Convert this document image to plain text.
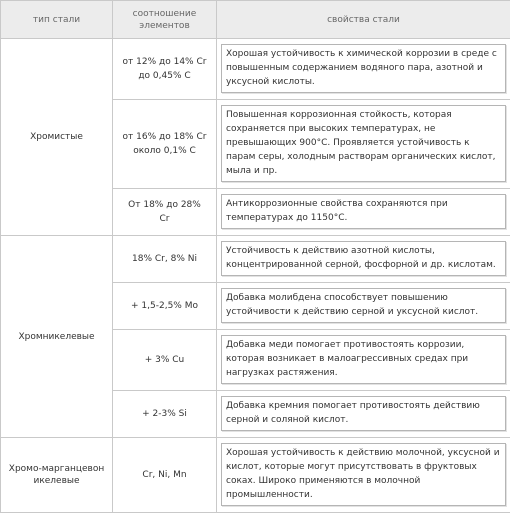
тип стали	соотношение элементов	свойства стали
Хромистые	от 12% до 14% Cr до 0,45% C	Хорошая устойчивость к химической коррозии в среде с повышенным содержанием водяного пара, азотной и уксусной кислоты.

	от 16% до 18% Cr около 0,1% C	Повышенная коррозионная стойкость, которая сохраняется при высоких температурах, не превышающих 900°C. Проявляется устойчивость к парам серы, холодным растворам органических кислот, мыла и пр.

	От 18% до 28% Cr	Антикоррозионные свойства сохраняются при температурах до 1150°C.

Хромникелевые	18% Cr, 8% Ni	Устойчивость к действию азотной кислоты, концентрированной серной, фосфорной и др. кислотам.

	+ 1,5-2,5% Mo	Добавка молибдена способствует повышению устойчивости к действию серной и уксусной кислот.

	+ 3% Cu	Добавка меди помогает противостоять коррозии, которая возникает в малоагрессивных средах при нагрузках растяжения.

	+ 2-3% Si	Добавка кремния помогает противостоять действию серной и соляной кислот.

Хромо-марганцевоникелевые	Cr, Ni, Mn	Хорошая устойчивость к действию молочной, уксусной и кислот, которые могут присутствовать в фруктовых соках. Широко применяются в молочной промышленности.
